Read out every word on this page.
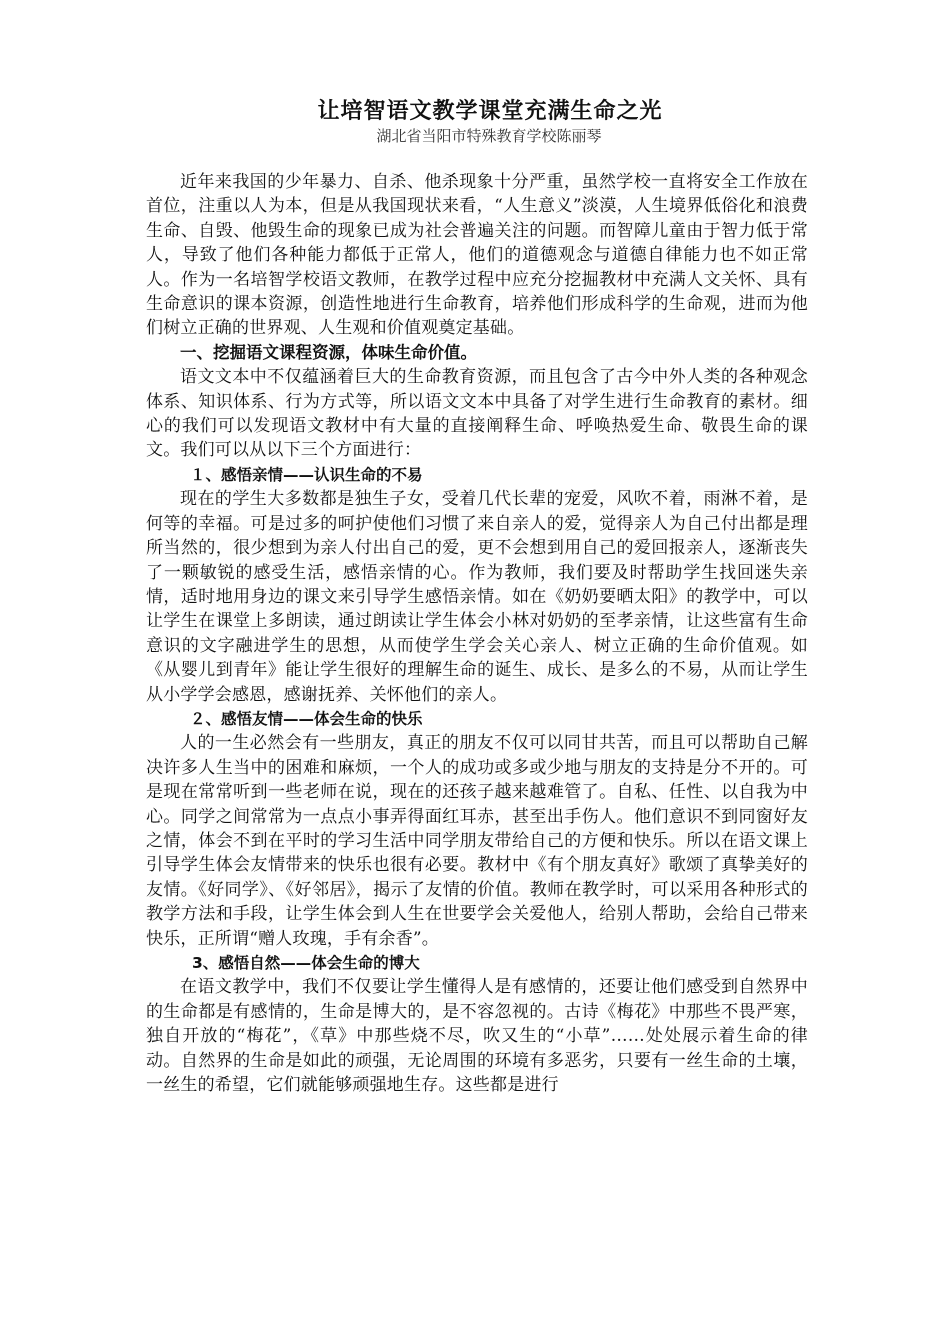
让培智语文教学课堂充满生命之光

湖北省当阳市特殊教育学校陈丽琴

近年来我国的少年暴力、自杀、他杀现象十分严重，虽然学校一直将安全工作放在首位，注重以人为本，但是从我国现状来看，“人生意义”淡漠，人生境界低俗化和浪费生命、自毁、他毁生命的现象已成为社会普遍关注的问题。而智障儿童由于智力低于常人，导致了他们各种能力都低于正常人，他们的道德观念与道德自律能力也不如正常人。作为一名培智学校语文教师，在教学过程中应充分挖掘教材中充满人文关怀、具有生命意识的课本资源，创造性地进行生命教育，培养他们形成科学的生命观，进而为他们树立正确的世界观、人生观和价值观奠定基础。

一、挖掘语文课程资源，体味生命价值。

语文文本中不仅蕴涵着巨大的生命教育资源，而且包含了古今中外人类的各种观念体系、知识体系、行为方式等，所以语文文本中具备了对学生进行生命教育的素材。细心的我们可以发现语文教材中有大量的直接阐释生命、呼唤热爱生命、敬畏生命的课文。我们可以从以下三个方面进行：

１、感悟亲情——认识生命的不易

现在的学生大多数都是独生子女，受着几代长辈的宠爱，风吹不着，雨淋不着，是何等的幸福。可是过多的呵护使他们习惯了来自亲人的爱，觉得亲人为自己付出都是理所当然的，很少想到为亲人付出自己的爱，更不会想到用自己的爱回报亲人，逐渐丧失了一颗敏锐的感受生活，感悟亲情的心。作为教师，我们要及时帮助学生找回迷失亲情，适时地用身边的课文来引导学生感悟亲情。如在《奶奶要晒太阳》的教学中，可以让学生在课堂上多朗读，通过朗读让学生体会小林对奶奶的至孝亲情，让这些富有生命意识的文字融进学生的思想，从而使学生学会关心亲人、树立正确的生命价值观。如《从婴儿到青年》能让学生很好的理解生命的诞生、成长、是多么的不易，从而让学生从小学学会感恩，感谢抚养、关怀他们的亲人。

２、感悟友情——体会生命的快乐

人的一生必然会有一些朋友，真正的朋友不仅可以同甘共苦，而且可以帮助自己解决许多人生当中的困难和麻烦，一个人的成功或多或少地与朋友的支持是分不开的。可是现在常常听到一些老师在说，现在的还孩子越来越难管了。自私、任性、以自我为中心。同学之间常常为一点点小事弄得面红耳赤，甚至出手伤人。他们意识不到同窗好友之情，体会不到在平时的学习生活中同学朋友带给自己的方便和快乐。所以在语文课上引导学生体会友情带来的快乐也很有必要。教材中《有个朋友真好》歌颂了真挚美好的友情。《好同学》、《好邻居》，揭示了友情的价值。教师在教学时，可以采用各种形式的教学方法和手段，让学生体会到人生在世要学会关爱他人，给别人帮助，会给自己带来快乐，正所谓“赠人玫瑰，手有余香”。

3、感悟自然——体会生命的博大

在语文教学中，我们不仅要让学生懂得人是有感情的，还要让他们感受到自然界中的生命都是有感情的，生命是博大的，是不容忽视的。古诗《梅花》中那些不畏严寒，独自开放的“梅花”，《草》中那些烧不尽，吹又生的“小草”……处处展示着生命的律动。自然界的生命是如此的顽强，无论周围的环境有多恶劣，只要有一丝生命的土壤，一丝生的希望，它们就能够顽强地生存。这些都是进行
